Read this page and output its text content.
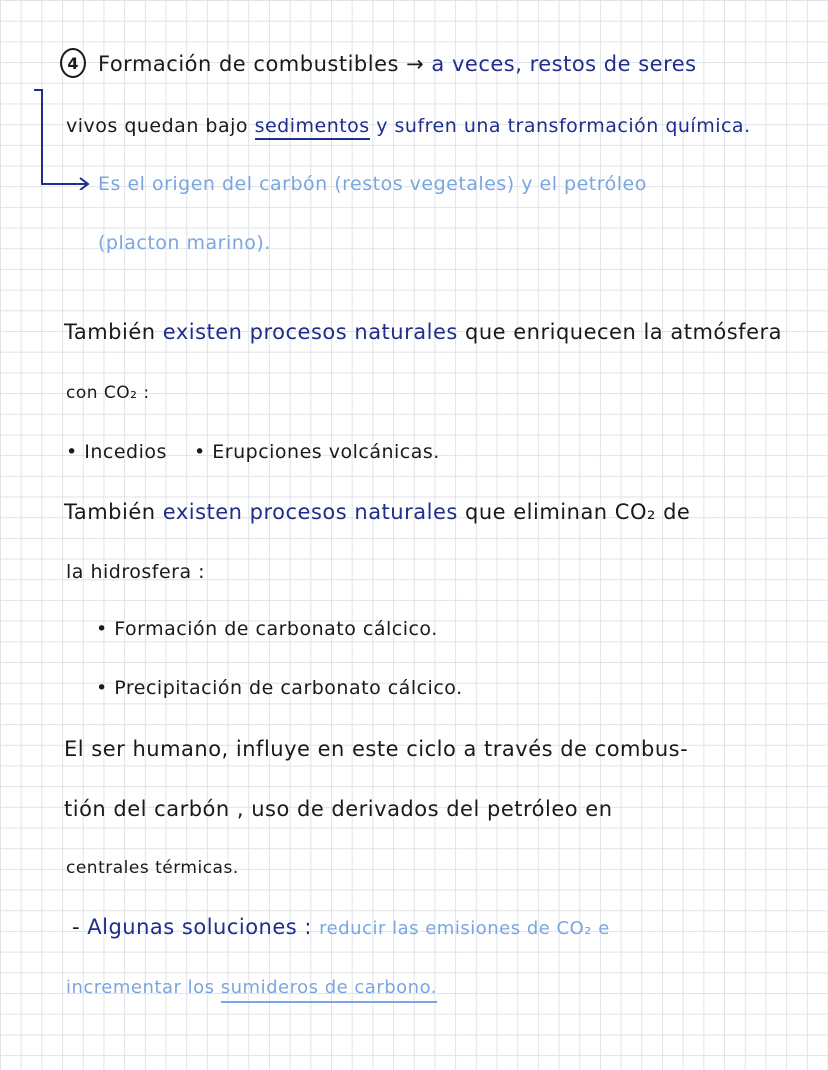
4 Formación de combustibles → a veces, restos de seres
vivos quedan bajo sedimentos y sufren una transformación química.
Es el origen del carbón (restos vegetales) y el petróleo
(placton marino).
También existen procesos naturales que enriquecen la atmósfera
con CO₂ :
• Incedios • Erupciones volcánicas.
También existen procesos naturales que eliminan CO₂ de
la hidrosfera :
• Formación de carbonato cálcico.
• Precipitación de carbonato cálcico.
El ser humano, influye en este ciclo a través de combus-
tión del carbón , uso de derivados del petróleo en
centrales térmicas.
- Algunas soluciones : reducir las emisiones de CO₂ e
incrementar los sumideros de carbono.
